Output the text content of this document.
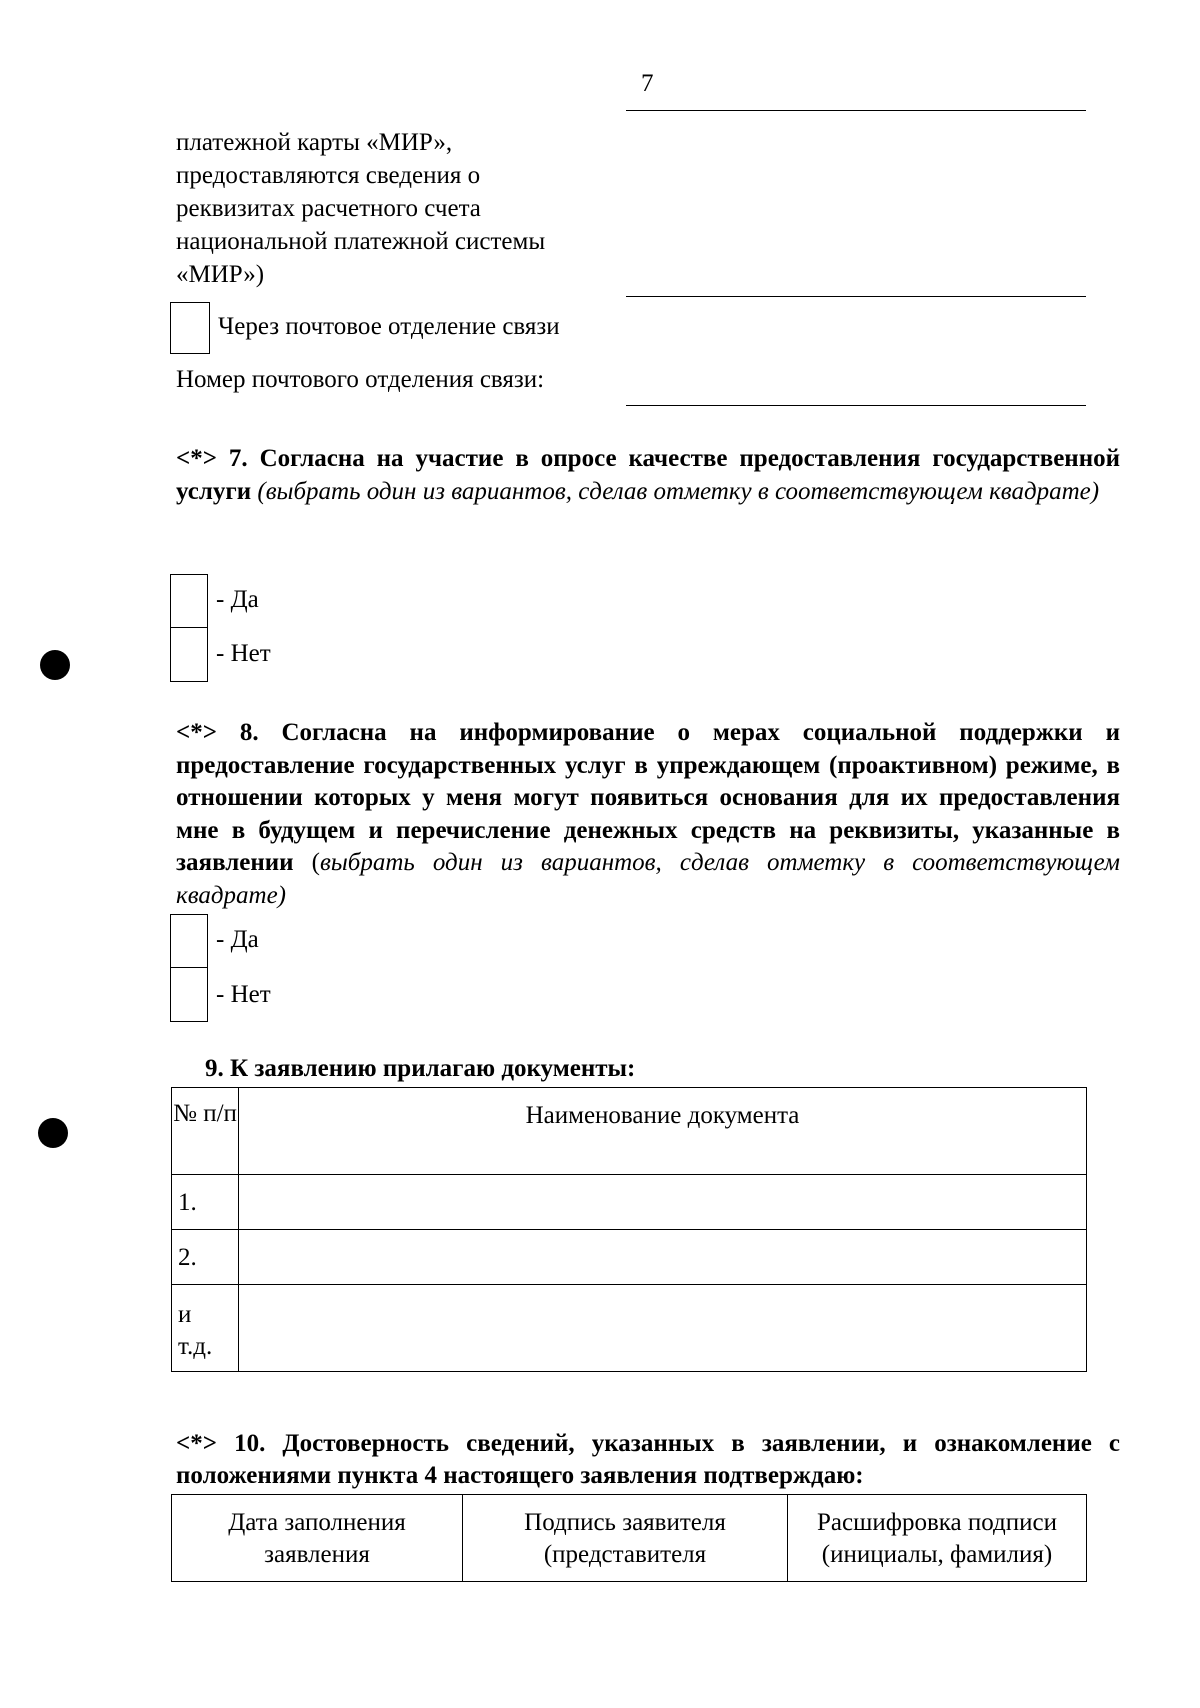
7
платежной карты «МИР»,
предоставляются сведения о
реквизитах расчетного счета
национальной платежной системы
«МИР»)
Через почтовое отделение связи
Номер почтового отделения связи:
<*> 7. Согласна на участие в опросе качестве предоставления государственной услуги (выбрать один из вариантов, сделав отметку в соответствующем квадрате)
- Да
- Нет
<*> 8. Согласна на информирование о мерах социальной поддержки и предоставление государственных услуг в упреждающем (проактивном) режиме, в отношении которых у меня могут появиться основания для их предоставления мне в будущем и перечисление денежных средств на реквизиты, указанные в заявлении (выбрать один из вариантов, сделав отметку в соответствующем квадрате)
- Да
- Нет
9. К заявлению прилагаю документы:
№ п/п	Наименование документа
1.	
2.	
и т.д.	
<*> 10. Достоверность сведений, указанных в заявлении, и ознакомление с положениями пункта 4 настоящего заявления подтверждаю:
Дата заполнения заявления	Подпись заявителя (представителя	Расшифровка подписи (инициалы, фамилия)
